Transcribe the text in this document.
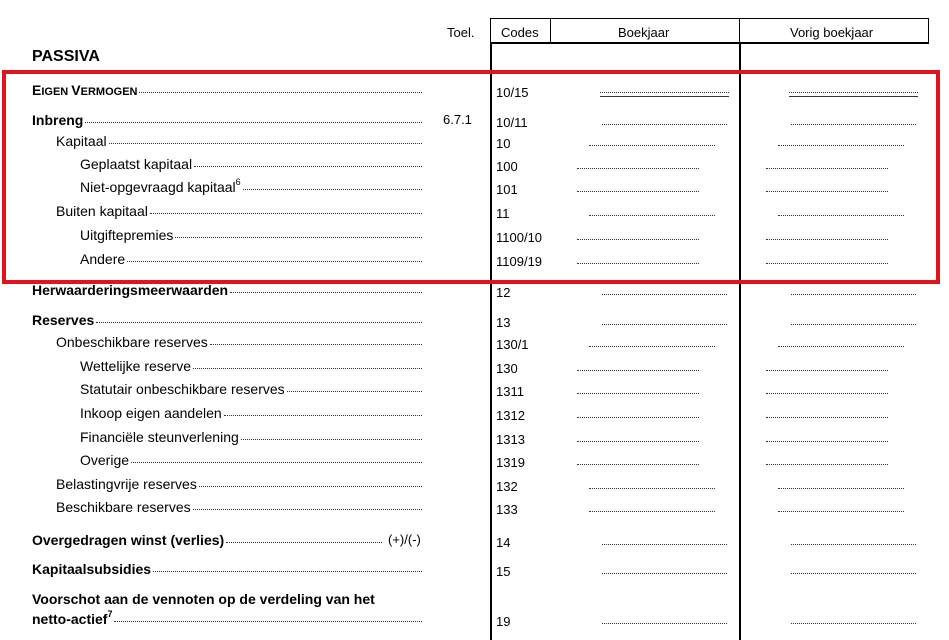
Toel. Codes	Boekjaar	Vorig boekjaar
PASSIVA
EIGEN VERMOGEN	10/15
Inbreng	6.7.1 10/11
Kapitaal	10
Geplaatst kapitaal	100
Niet-opgevraagd kapitaal$^6$	101
Buiten kapitaal	11
Uitgiftepremies	1100/10
Andere	1109/19
Herwaarderingsmeerwaarden	12
Reserves	13
Onbeschikbare reserves	130/1
Wettelijke reserve	130
Statutair onbeschikbare reserves	1311
Inkoop eigen aandelen	1312
Financiële steunverlening	1313
Overige	1319
Belastingvrije reserves	132
Beschikbare reserves	133
Overgedragen winst (verlies)	(+)/(-)	14
Kapitaalsubsidies	15
Voorschot aan de vennoten op de verdeling van het
netto-actief$^7$	19
